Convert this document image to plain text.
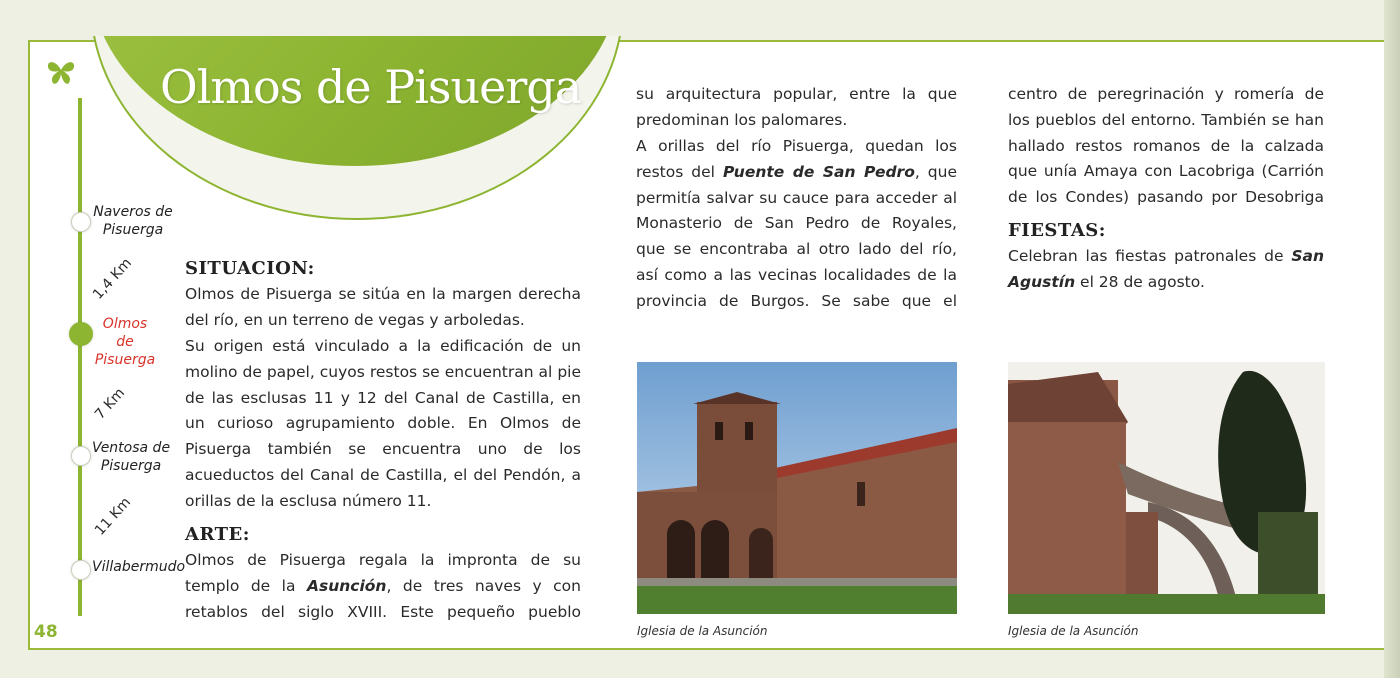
Olmos de Pisuerga
Naveros de Pisuerga
Olmos de Pisuerga
Ventosa de Pisuerga
Villabermudo
1,4 Km
7 Km
11 Km
48
SITUACION:
Olmos de Pisuerga se sitúa en la margen derecha del río, en un terreno de vegas y arboledas.
Su origen está vinculado a la edificación de un molino de papel, cuyos restos se encuentran al pie de las esclusas 11 y 12 del Canal de Castilla, en un curioso agrupamiento doble. En Olmos de Pisuerga también se encuentra uno de los acueductos del Canal de Castilla, el del Pendón, a orillas de la esclusa número 11.
ARTE:
Olmos de Pisuerga regala la impronta de su templo de la Asunción, de tres naves y con retablos del siglo XVIII. Este pequeño pueblo
su arquitectura popular, entre la que predominan los palomares.
A orillas del río Pisuerga, quedan los restos del Puente de San Pedro, que permitía salvar su cauce para acceder al Monasterio de San Pedro de Royales, que se encontraba al otro lado del río, así como a las vecinas localidades de la provincia de Burgos. Se sabe que el
centro de peregrinación y romería de los pueblos del entorno. También se han hallado restos romanos de la calzada que unía Amaya con Lacobriga (Carrión de los Condes) pasando por Desobriga
FIESTAS:
Celebran las fiestas patronales de San Agustín el 28 de agosto.
Iglesia de la Asunción	Iglesia de la Asunción
